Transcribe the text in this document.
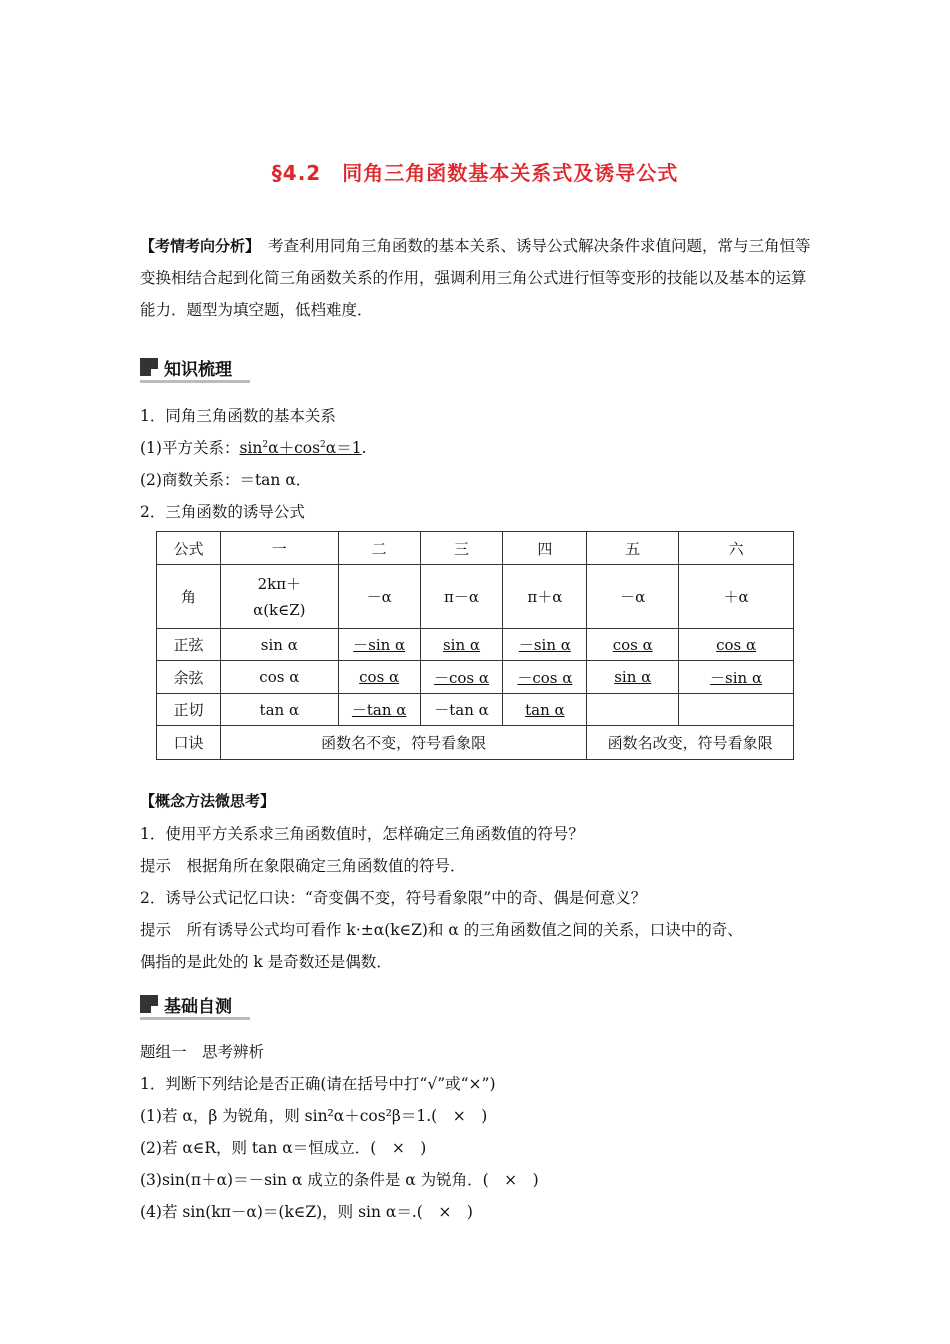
§4.2　同角三角函数基本关系式及诱导公式
【考情考向分析】　考查利用同角三角函数的基本关系、诱导公式解决条件求值问题，常与三角恒等变换相结合起到化简三角函数关系的作用，强调利用三角公式进行恒等变形的技能以及基本的运算能力．题型为填空题，低档难度．
知识梳理
1．同角三角函数的基本关系
(1)平方关系：$\sin^2\alpha+\cos^2\alpha=1$.
(2)商数关系：＝tan α．
2．三角函数的诱导公式
公式	一	二	三	四	五	六
角	2kπ＋
α(k∈Z)	－α	π－α	π＋α	－α	＋α
正弦	sin α	－sin α	sin α	－sin α	cos α	cos α
余弦	cos α	cos α	－cos α	－cos α	sin α	－sin α
正切	tan α	－tan α	－tan α	tan α		
口诀	函数名不变，符号看象限				函数名改变，符号看象限	
【概念方法微思考】
1．使用平方关系求三角函数值时，怎样确定三角函数值的符号？
提示　根据角所在象限确定三角函数值的符号．
2．诱导公式记忆口诀：“奇变偶不变，符号看象限”中的奇、偶是何意义？
提示　所有诱导公式均可看作 k·±α(k∈Z)和 α 的三角函数值之间的关系，口诀中的奇、
偶指的是此处的 k 是奇数还是偶数．
基础自测
题组一　思考辨析
1．判断下列结论是否正确(请在括号中打“√”或“×”)
(1)若 α，β 为锐角，则 sin²α＋cos²β＝1.(　×　)
(2)若 α∈R，则 tan α＝恒成立．(　×　)
(3)sin(π＋α)＝－sin α 成立的条件是 α 为锐角．(　×　)
(4)若 sin(kπ－α)＝(k∈Z)，则 sin α＝.(　×　)
